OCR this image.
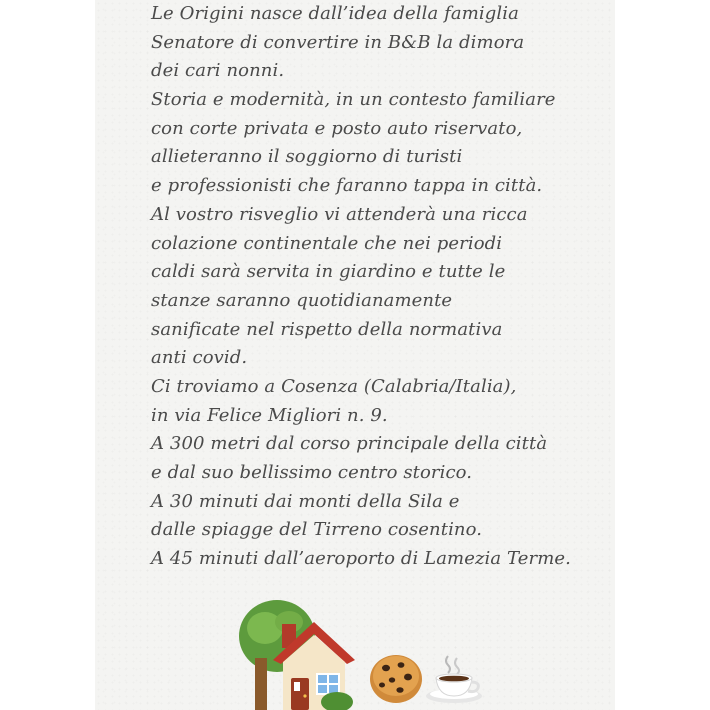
Le Origini nasce dall’idea della famiglia
Senatore di convertire in B&B la dimora
dei cari nonni.
Storia e modernità, in un contesto familiare
con corte privata e posto auto riservato,
allieteranno il soggiorno di turisti
e professionisti che faranno tappa in città.
Al vostro risveglio vi attenderà una ricca
colazione continentale che nei periodi
caldi sarà servita in giardino e tutte le
stanze saranno quotidianamente
sanificate nel rispetto della normativa
anti covid.
Ci troviamo a Cosenza (Calabria/Italia),
in via Felice Migliori n. 9.
A 300 metri dal corso principale della città
e dal suo bellissimo centro storico.
A 30 minuti dai monti della Sila e
dalle spiagge del Tirreno cosentino.
A 45 minuti dall’aeroporto di Lamezia Terme.
